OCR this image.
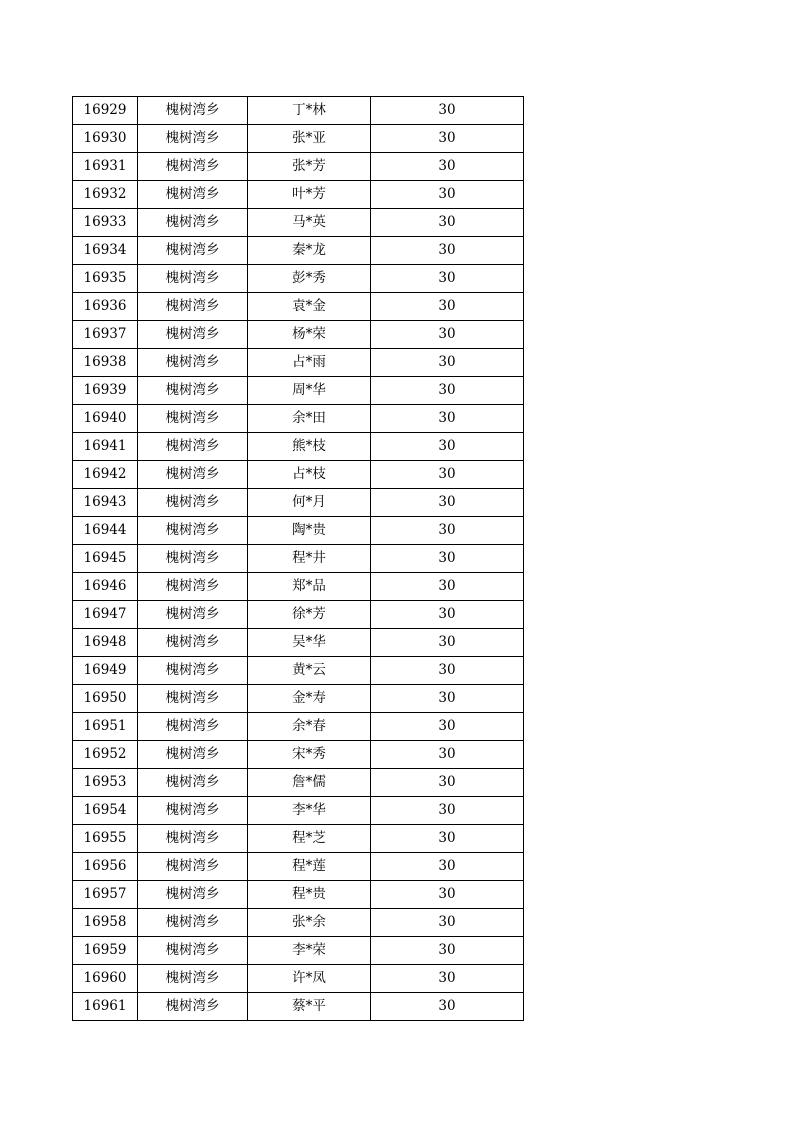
16929	槐树湾乡	丁*林	30
16930	槐树湾乡	张*亚	30
16931	槐树湾乡	张*芳	30
16932	槐树湾乡	叶*芳	30
16933	槐树湾乡	马*英	30
16934	槐树湾乡	秦*龙	30
16935	槐树湾乡	彭*秀	30
16936	槐树湾乡	袁*金	30
16937	槐树湾乡	杨*荣	30
16938	槐树湾乡	占*雨	30
16939	槐树湾乡	周*华	30
16940	槐树湾乡	余*田	30
16941	槐树湾乡	熊*枝	30
16942	槐树湾乡	占*枝	30
16943	槐树湾乡	何*月	30
16944	槐树湾乡	陶*贵	30
16945	槐树湾乡	程*井	30
16946	槐树湾乡	郑*品	30
16947	槐树湾乡	徐*芳	30
16948	槐树湾乡	吴*华	30
16949	槐树湾乡	黄*云	30
16950	槐树湾乡	金*寿	30
16951	槐树湾乡	余*春	30
16952	槐树湾乡	宋*秀	30
16953	槐树湾乡	詹*儒	30
16954	槐树湾乡	李*华	30
16955	槐树湾乡	程*芝	30
16956	槐树湾乡	程*莲	30
16957	槐树湾乡	程*贵	30
16958	槐树湾乡	张*余	30
16959	槐树湾乡	李*荣	30
16960	槐树湾乡	许*凤	30
16961	槐树湾乡	蔡*平	30
